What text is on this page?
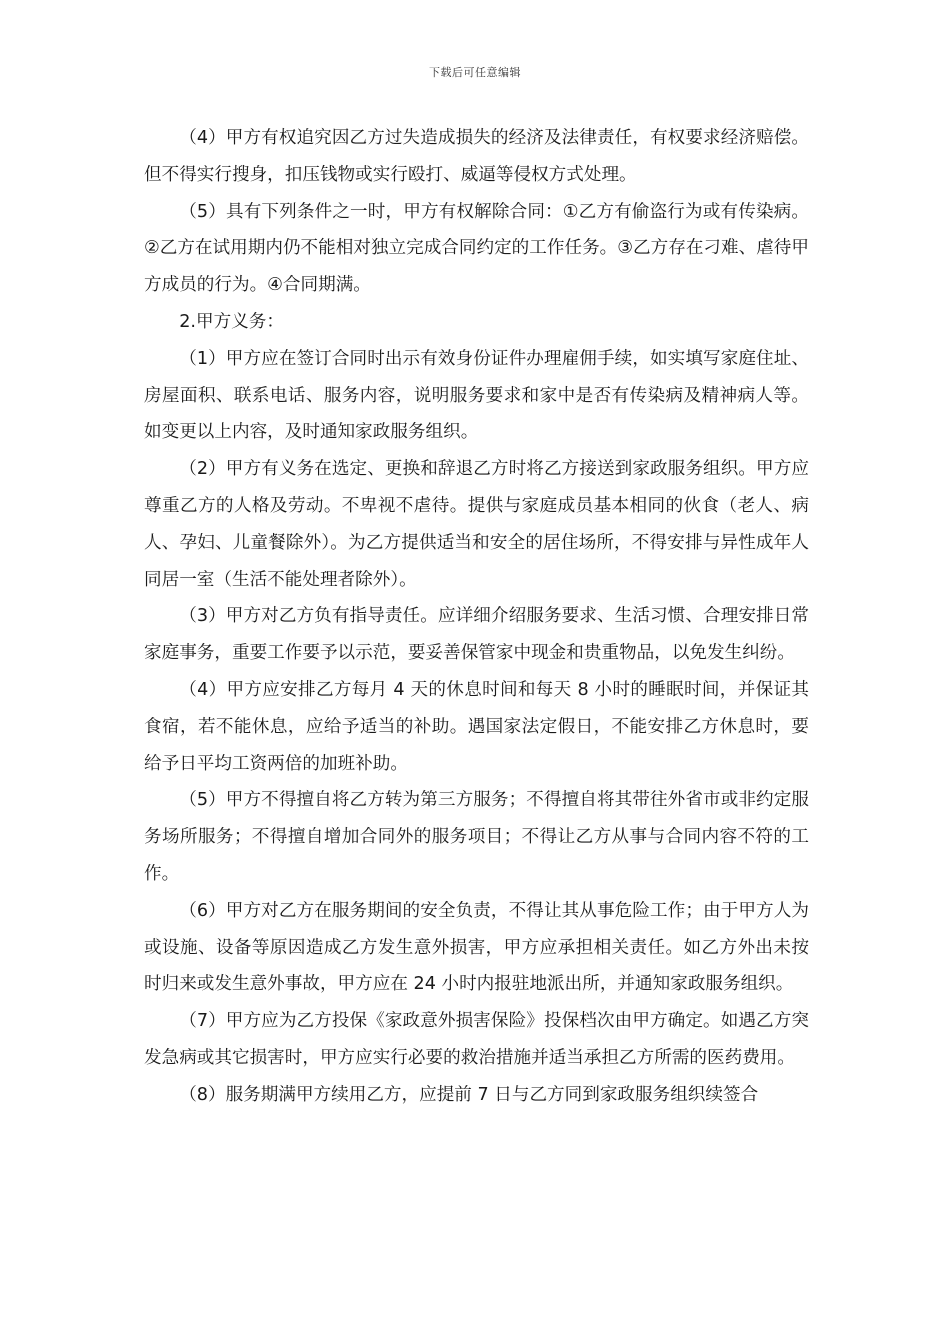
下载后可任意编辑

（4）甲方有权追究因乙方过失造成损失的经济及法律责任，有权要求经济赔偿。但不得实行搜身，扣压钱物或实行殴打、威逼等侵权方式处理。

（5）具有下列条件之一时，甲方有权解除合同：①乙方有偷盗行为或有传染病。②乙方在试用期内仍不能相对独立完成合同约定的工作任务。③乙方存在刁难、虐待甲方成员的行为。④合同期满。

2.甲方义务：

（1）甲方应在签订合同时出示有效身份证件办理雇佣手续，如实填写家庭住址、房屋面积、联系电话、服务内容，说明服务要求和家中是否有传染病及精神病人等。如变更以上内容，及时通知家政服务组织。

（2）甲方有义务在选定、更换和辞退乙方时将乙方接送到家政服务组织。甲方应尊重乙方的人格及劳动。不卑视不虐待。提供与家庭成员基本相同的伙食（老人、病人、孕妇、儿童餐除外）。为乙方提供适当和安全的居住场所，不得安排与异性成年人同居一室（生活不能处理者除外）。

（3）甲方对乙方负有指导责任。应详细介绍服务要求、生活习惯、合理安排日常家庭事务，重要工作要予以示范，要妥善保管家中现金和贵重物品，以免发生纠纷。

（4）甲方应安排乙方每月 4 天的休息时间和每天 8 小时的睡眠时间，并保证其食宿，若不能休息，应给予适当的补助。遇国家法定假日，不能安排乙方休息时，要给予日平均工资两倍的加班补助。

（5）甲方不得擅自将乙方转为第三方服务；不得擅自将其带往外省市或非约定服务场所服务；不得擅自增加合同外的服务项目；不得让乙方从事与合同内容不符的工作。

（6）甲方对乙方在服务期间的安全负责，不得让其从事危险工作；由于甲方人为或设施、设备等原因造成乙方发生意外损害，甲方应承担相关责任。如乙方外出未按时归来或发生意外事故，甲方应在 24 小时内报驻地派出所，并通知家政服务组织。

（7）甲方应为乙方投保《家政意外损害保险》投保档次由甲方确定。如遇乙方突发急病或其它损害时，甲方应实行必要的救治措施并适当承担乙方所需的医药费用。

（8）服务期满甲方续用乙方，应提前 7 日与乙方同到家政服务组织续签合
